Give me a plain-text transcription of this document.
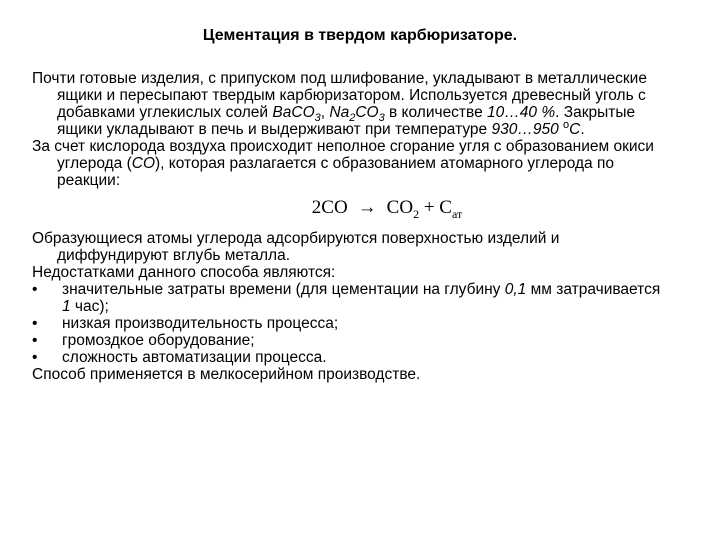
Цементация в твердом карбюризаторе.

Почти готовые изделия, с припуском под шлифование, укладывают в металлические ящики и пересыпают твердым карбюризатором. Используется древесный уголь с добавками углекислых солей BaCO$_3$, $Na_2CO_3$ в количестве 10…40 %. Закрытые ящики укладывают в печь и выдерживают при температуре 930…950 $^o$C.

За счет кислорода воздуха происходит неполное сгорание угля с образованием окиси углерода (CO), которая разлагается с образованием атомарного углерода по реакции:

$2CO \to CO_2 + C_{ат}$

Образующиеся атомы углерода адсорбируются поверхностью изделий и диффундируют вглубь металла.

Недостатками данного способа являются:

• значительные затраты времени (для цементации на глубину 0,1 мм затрачивается 1 час);

• низкая производительность процесса;

• громоздкое оборудование;

• сложность автоматизации процесса.

Способ применяется в мелкосерийном производстве.
